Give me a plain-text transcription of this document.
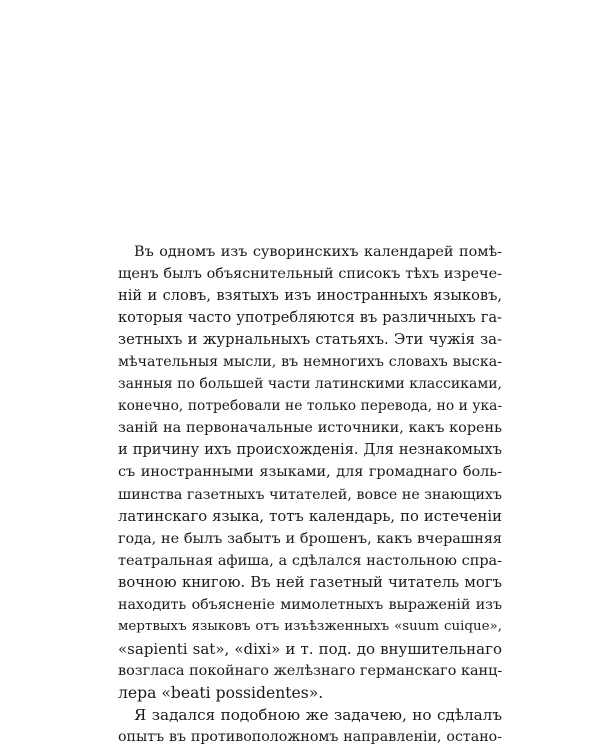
Въ одномъ изъ суворинскихъ календарей помѣ-
щенъ былъ объяснительный списокъ тѣхъ изрече-
ній и словъ, взятыхъ изъ иностранныхъ языковъ,
которыя часто употребляются въ различныхъ га-
зетныхъ и журнальныхъ статьяхъ. Эти чужія за-
мѣчательныя мысли, въ немногихъ словахъ выска-
занныя по большей части латинскими классиками,
конечно, потребовали не только перевода, но и ука-
заній на первоначальные источники, какъ корень
и причину ихъ происхожденія. Для незнакомыхъ
съ иностранными языками, для громаднаго боль-
шинства газетныхъ читателей, вовсе не знающихъ
латинскаго языка, тотъ календарь, по истеченіи
года, не былъ забытъ и брошенъ, какъ вчерашняя
театральная афиша, а сдѣлался настольною спра-
вочною книгою. Въ ней газетный читатель могъ
находить объясненіе мимолетныхъ выраженій изъ
мертвыхъ языковъ отъ изъѣзженныхъ «suum cuique»,
«sapienti sat», «dixi» и т. под. до внушительнаго
возгласа покойнаго желѣзнаго германскаго канц-
лера «beati possidentes».
Я задался подобною же задачею, но сдѣлалъ
опытъ въ противоположномъ направленіи, остано-
